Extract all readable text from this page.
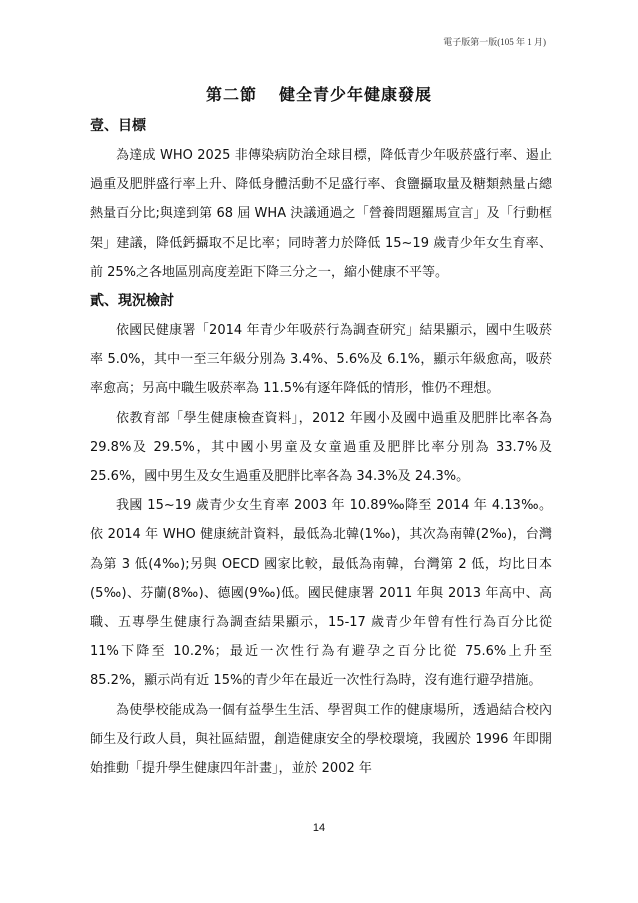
電子版第一版(105 年 1 月)
第二節 健全青少年健康發展
壹、目標

為達成 WHO 2025 非傳染病防治全球目標，降低青少年吸菸盛行率、遏止過重及肥胖盛行率上升、降低身體活動不足盛行率、食鹽攝取量及糖類熱量占總熱量百分比;與達到第 68 屆 WHA 決議通過之「營養問題羅馬宣言」及「行動框架」建議，降低鈣攝取不足比率；同時著力於降低 15~19 歲青少年女生育率、前 25%之各地區別高度差距下降三分之一，縮小健康不平等。

貳、現況檢討

依國民健康署「2014 年青少年吸菸行為調查研究」結果顯示，國中生吸菸率 5.0%，其中一至三年級分別為 3.4%、5.6%及 6.1%，顯示年級愈高，吸菸率愈高；另高中職生吸菸率為 11.5%有逐年降低的情形，惟仍不理想。

依教育部「學生健康檢查資料」，2012 年國小及國中過重及肥胖比率各為 29.8%及 29.5%，其中國小男童及女童過重及肥胖比率分別為 33.7%及 25.6%，國中男生及女生過重及肥胖比率各為 34.3%及 24.3%。

我國 15~19 歲青少女生育率 2003 年 10.89‰降至 2014 年 4.13‰。依 2014 年 WHO 健康統計資料，最低為北韓(1‰)，其次為南韓(2‰)，台灣為第 3 低(4‰);另與 OECD 國家比較，最低為南韓，台灣第 2 低，均比日本(5‰)、芬蘭(8‰)、德國(9‰)低。國民健康署 2011 年與 2013 年高中、高職、五專學生健康行為調查結果顯示，15-17 歲青少年曾有性行為百分比從 11%下降至 10.2%；最近一次性行為有避孕之百分比從 75.6%上升至 85.2%，顯示尚有近 15%的青少年在最近一次性行為時，沒有進行避孕措施。

為使學校能成為一個有益學生生活、學習與工作的健康場所，透過結合校內師生及行政人員，與社區結盟，創造健康安全的學校環境，我國於 1996 年即開始推動「提升學生健康四年計畫」，並於 2002 年

14
